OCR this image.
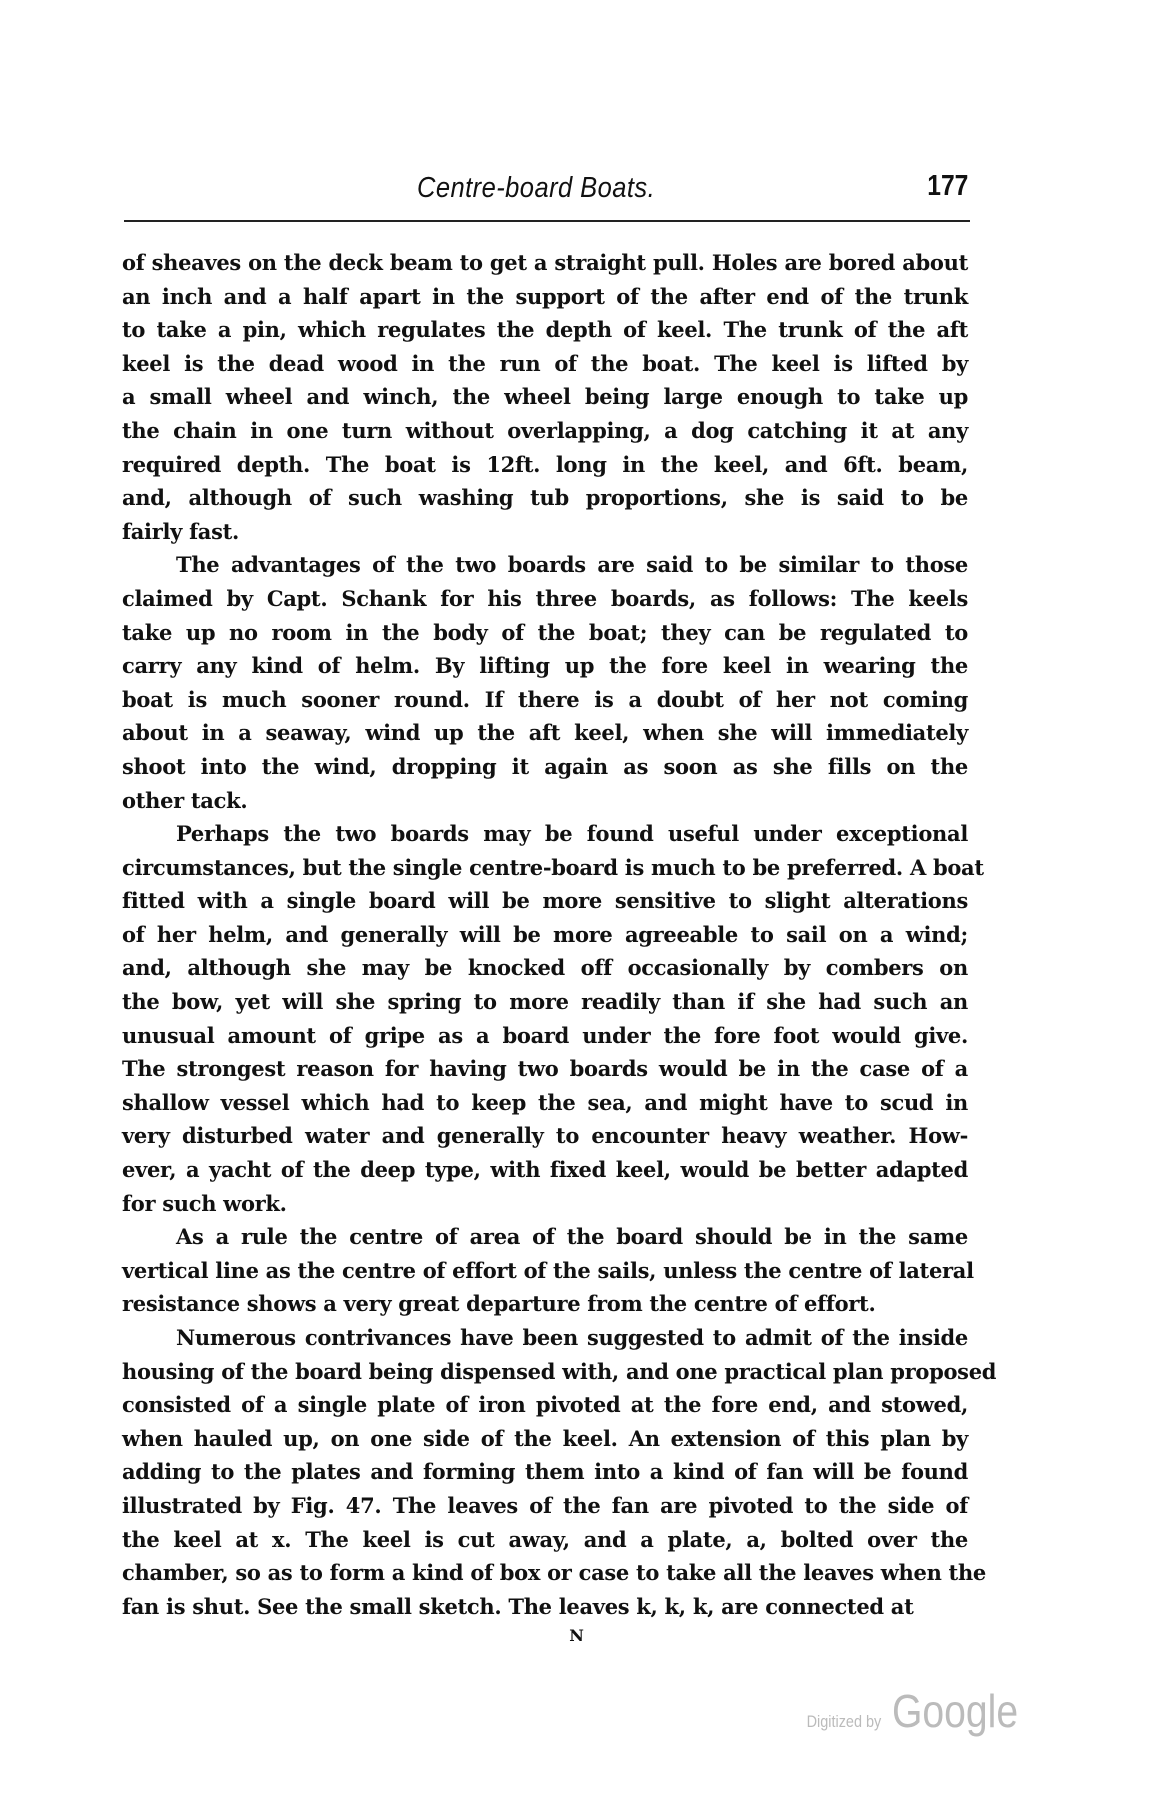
Centre-board Boats.	177
of sheaves on the deck beam to get a straight pull. Holes are bored about
an inch and a half apart in the support of the after end of the trunk
to take a pin, which regulates the depth of keel. The trunk of the aft
keel is the dead wood in the run of the boat. The keel is lifted by
a small wheel and winch, the wheel being large enough to take up
the chain in one turn without overlapping, a dog catching it at any
required depth. The boat is 12ft. long in the keel, and 6ft. beam,
and, although of such washing tub proportions, she is said to be
fairly fast.
The advantages of the two boards are said to be similar to those
claimed by Capt. Schank for his three boards, as follows: The keels
take up no room in the body of the boat; they can be regulated to
carry any kind of helm. By lifting up the fore keel in wearing the
boat is much sooner round. If there is a doubt of her not coming
about in a seaway, wind up the aft keel, when she will immediately
shoot into the wind, dropping it again as soon as she fills on the
other tack.
Perhaps the two boards may be found useful under exceptional
circumstances, but the single centre-board is much to be preferred. A boat
fitted with a single board will be more sensitive to slight alterations
of her helm, and generally will be more agreeable to sail on a wind;
and, although she may be knocked off occasionally by combers on
the bow, yet will she spring to more readily than if she had such an
unusual amount of gripe as a board under the fore foot would give.
The strongest reason for having two boards would be in the case of a
shallow vessel which had to keep the sea, and might have to scud in
very disturbed water and generally to encounter heavy weather. How-
ever, a yacht of the deep type, with fixed keel, would be better adapted
for such work.
As a rule the centre of area of the board should be in the same
vertical line as the centre of effort of the sails, unless the centre of lateral
resistance shows a very great departure from the centre of effort.
Numerous contrivances have been suggested to admit of the inside
housing of the board being dispensed with, and one practical plan proposed
consisted of a single plate of iron pivoted at the fore end, and stowed,
when hauled up, on one side of the keel. An extension of this plan by
adding to the plates and forming them into a kind of fan will be found
illustrated by Fig. 47. The leaves of the fan are pivoted to the side of
the keel at x. The keel is cut away, and a plate, a, bolted over the
chamber, so as to form a kind of box or case to take all the leaves when the
fan is shut. See the small sketch. The leaves k, k, k, are connected at
N
Digitized by Google
